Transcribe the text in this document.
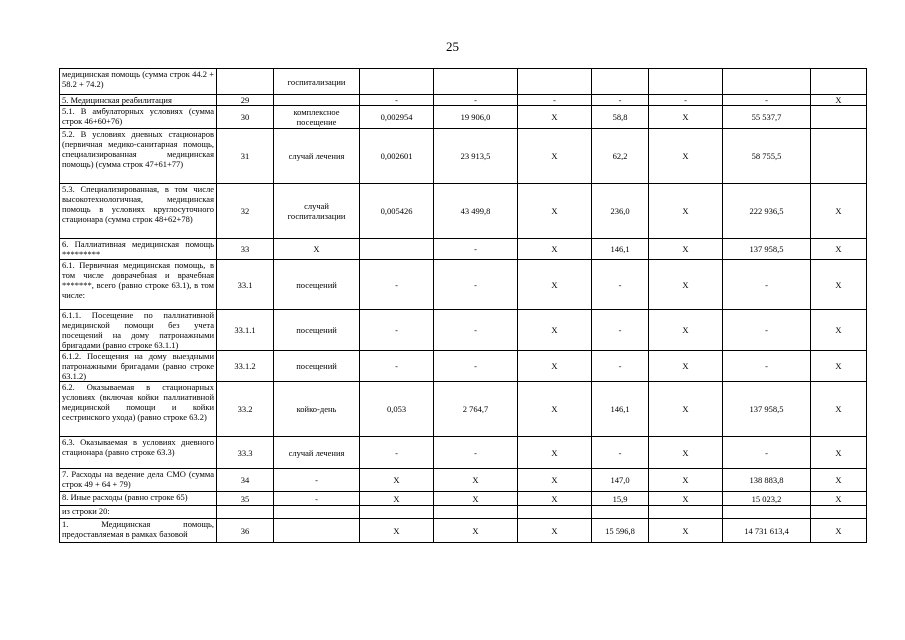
25
медицинская помощь (сумма строк 44.2 + 58.2 + 74.2)		госпитализации							
5. Медицинская реабилитация	29		-	-	-	-	-	-	X
5.1. В амбулаторных условиях (сумма строк 46+60+76)	30	комплексное посещение	0,002954	19 906,0	X	58,8	X	55 537,7	
5.2. В условиях дневных стационаров (первичная медико-санитарная помощь, специализированная медицинская помощь) (сумма строк 47+61+77)	31	случай лечения	0,002601	23 913,5	X	62,2	X	58 755,5	
5.3. Специализированная, в том числе высокотехнологичная, медицинская помощь в условиях круглосуточного стационара (сумма строк 48+62+78)	32	случай госпитализации	0,005426	43 499,8	X	236,0	X	222 936,5	X
6. Паллиативная медицинская помощь *********	33	X		-	X	146,1	X	137 958,5	X
6.1. Первичная медицинская помощь, в том числе доврачебная и врачебная *******, всего (равно строке 63.1), в том числе:	33.1	посещений	-	-	X	-	X	-	X
6.1.1. Посещение по паллиативной медицинской помощи без учета посещений на дому патронажными бригадами (равно строке 63.1.1)	33.1.1	посещений	-	-	X	-	X	-	X
6.1.2. Посещения на дому выездными патронажными бригадами (равно строке 63.1.2)	33.1.2	посещений	-	-	X	-	X	-	X
6.2. Оказываемая в стационарных условиях (включая койки паллиативной медицинской помощи и койки сестринского ухода) (равно строке 63.2)	33.2	койко-день	0,053	2 764,7	X	146,1	X	137 958,5	X
6.3. Оказываемая в условиях дневного стационара (равно строке 63.3)	33.3	случай лечения	-	-	X	-	X	-	X
7. Расходы на ведение дела СМО (сумма строк 49 + 64 + 79)	34	-	X	X	X	147,0	X	138 883,8	X
8. Иные расходы (равно строке 65)	35	-	X	X	X	15,9	X	15 023,2	X
из строки 20:									
1. Медицинская помощь, предоставляемая в рамках базовой	36		X	X	X	15 596,8	X	14 731 613,4	X
